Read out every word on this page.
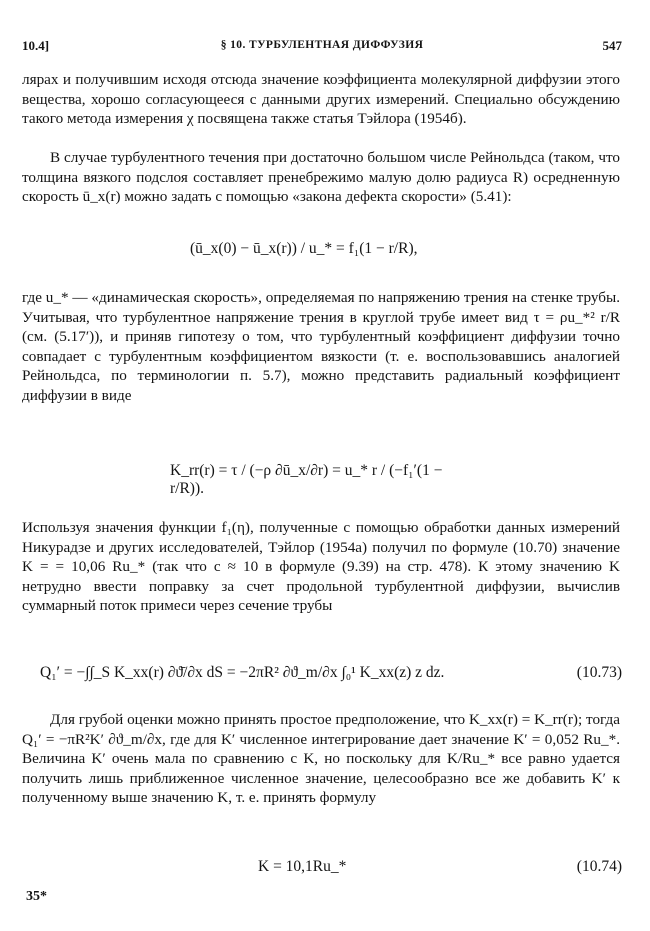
10.4]	§ 10. ТУРБУЛЕНТНАЯ ДИФФУЗИЯ	547

лярах и получившим исходя отсюда значение коэффициента молекулярной диффузии этого вещества, хорошо согласующееся с данными других измерений. Специально обсуждению такого метода измерения χ посвящена также статья Тэйлора (1954б).

В случае турбулентного течения при достаточно большом числе Рейнольдса (таком, что толщина вязкого подслоя составляет пренебрежимо малую долю радиуса R) осредненную скорость ū_x(r) можно задать с помощью «закона дефекта скорости» (5.41):

(ū_x(0) − ū_x(r)) / u_* = f₁(1 − r/R),

где u_* — «динамическая скорость», определяемая по напряжению трения на стенке трубы. Учитывая, что турбулентное напряжение трения в круглой трубе имеет вид τ = ρu_*² r/R (см. (5.17′)), и приняв гипотезу о том, что турбулентный коэффициент диффузии точно совпадает с турбулентным коэффициентом вязкости (т. е. воспользовавшись аналогией Рейнольдса, по терминологии п. 5.7), можно представить радиальный коэффициент диффузии в виде

K_rr(r) = τ / (−ρ ∂ū_x/∂r) = u_* r / (−f₁′(1 − r/R)).

Используя значения функции f₁(η), полученные с помощью обработки данных измерений Никурадзе и других исследователей, Тэйлор (1954а) получил по формуле (10.70) значение K = = 10,06 Ru_* (так что c ≈ 10 в формуле (9.39) на стр. 478). К этому значению K нетрудно ввести поправку за счет продольной турбулентной диффузии, вычислив суммарный поток примеси через сечение трубы

Q₁′ = −∫∫_S K_xx(r) ∂ϑ̄/∂x dS = −2πR² ∂ϑ_m/∂x ∫₀¹ K_xx(z) z dz.	(10.73)

Для грубой оценки можно принять простое предположение, что K_xx(r) = K_rr(r); тогда Q₁′ = −πR²K′ ∂ϑ_m/∂x, где для K′ численное интегрирование дает значение K′ = 0,052 Ru_*. Величина K′ очень мала по сравнению с K, но поскольку для K/Ru_* все равно удается получить лишь приближенное численное значение, целесообразно все же добавить K′ к полученному выше значению K, т. е. принять формулу

K = 10,1Ru_*	(10.74)
35*
